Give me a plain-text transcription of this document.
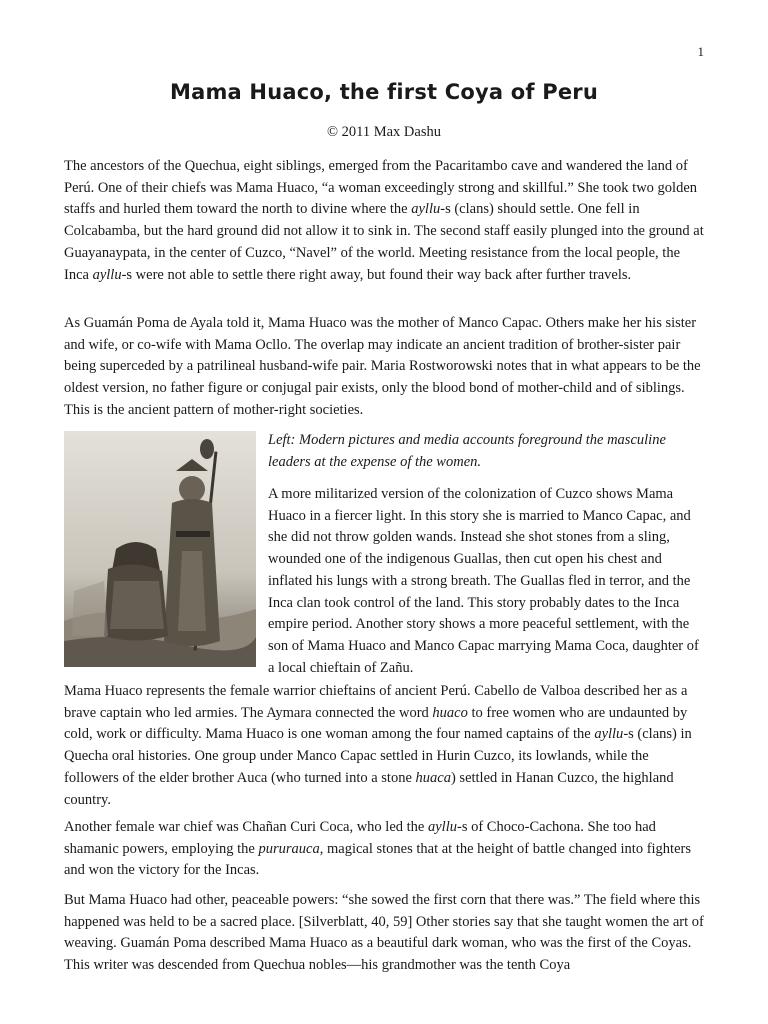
1
Mama Huaco, the first Coya of Peru
© 2011 Max Dashu

The ancestors of the Quechua, eight siblings, emerged from the Pacaritambo cave and wandered the land of Perú. One of their chiefs was Mama Huaco, “a woman exceedingly strong and skillful.” She took two golden staffs and hurled them toward the north to divine where the ayllu-s (clans) should settle. One fell in Colcabamba, but the hard ground did not allow it to sink in. The second staff easily plunged into the ground at Guayanaypata, in the center of Cuzco, “Navel” of the world. Meeting resistance from the local people, the Inca ayllu-s were not able to settle there right away, but found their way back after further travels.

As Guamán Poma de Ayala told it, Mama Huaco was the mother of Manco Capac. Others make her his sister and wife, or co-wife with Mama Ocllo. The overlap may indicate an ancient tradition of brother-sister pair being superceded by a patrilineal husband-wife pair. Maria Rostworowski notes that in what appears to be the oldest version, no father figure or conjugal pair exists, only the blood bond of mother-child and of siblings. This is the ancient pattern of mother-right societies.

Left: Modern pictures and media accounts foreground the masculine leaders at the expense of the women.

A more militarized version of the colonization of Cuzco shows Mama Huaco in a fiercer light. In this story she is married to Manco Capac, and she did not throw golden wands. Instead she shot stones from a sling, wounded one of the indigenous Guallas, then cut open his chest and inflated his lungs with a strong breath. The Guallas fled in terror, and the Inca clan took control of the land. This story probably dates to the Inca empire period. Another story shows a more peaceful settlement, with the son of Mama Huaco and Manco Capac marrying Mama Coca, daughter of a local chieftain of Zañu.

Mama Huaco represents the female warrior chieftains of ancient Perú. Cabello de Valboa described her as a brave captain who led armies. The Aymara connected the word huaco to free women who are undaunted by cold, work or difficulty. Mama Huaco is one woman among the four named captains of the ayllu-s (clans) in Quecha oral histories. One group under Manco Capac settled in Hurin Cuzco, its lowlands, while the followers of the elder brother Auca (who turned into a stone huaca) settled in Hanan Cuzco, the highland country.

Another female war chief was Chañan Curi Coca, who led the ayllu-s of Choco-Cachona. She too had shamanic powers, employing the pururauca, magical stones that at the height of battle changed into fighters and won the victory for the Incas.

But Mama Huaco had other, peaceable powers: “she sowed the first corn that there was.” The field where this happened was held to be a sacred place. [Silverblatt, 40, 59] Other stories say that she taught women the art of weaving. Guamán Poma described Mama Huaco as a beautiful dark woman, who was the first of the Coyas. This writer was descended from Quechua nobles—his grandmother was the tenth Coya
